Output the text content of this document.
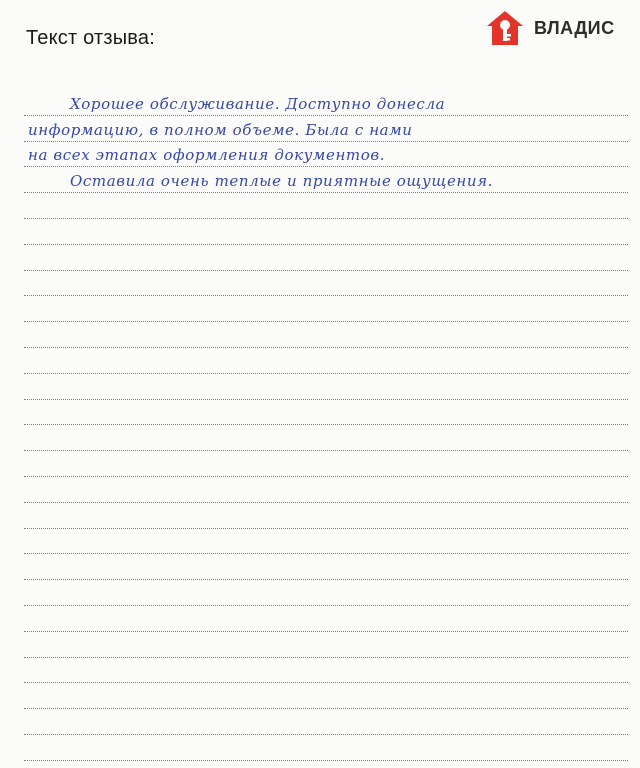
Текст отзыва:	ВЛАДИС
Хорошее обслуживание. Доступно донесла
информацию, в полном объеме. Была с нами
на всех этапах оформления документов.
Оставила очень теплые и приятные ощущения.
